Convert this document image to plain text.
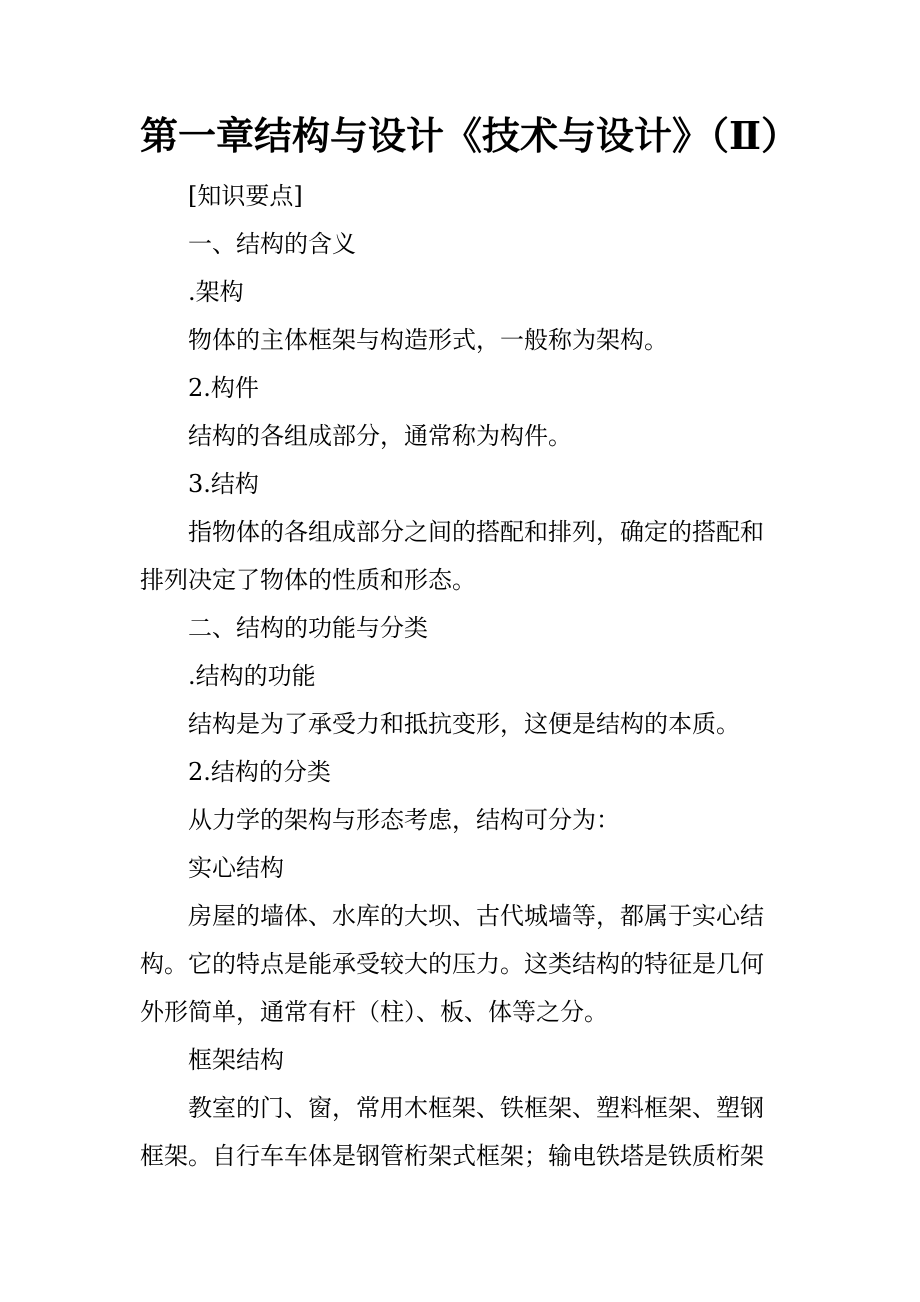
第一章结构与设计《技术与设计》（Ⅱ）

[知识要点]

一、结构的含义

.架构

物体的主体框架与构造形式，一般称为架构。

2.构件

结构的各组成部分，通常称为构件。

3.结构

指物体的各组成部分之间的搭配和排列，确定的搭配和排列决定了物体的性质和形态。

二、结构的功能与分类

.结构的功能

结构是为了承受力和抵抗变形，这便是结构的本质。

2.结构的分类

从力学的架构与形态考虑，结构可分为：

实心结构

房屋的墙体、水库的大坝、古代城墙等，都属于实心结构。它的特点是能承受较大的压力。这类结构的特征是几何外形简单，通常有杆（柱）、板、体等之分。

框架结构

教室的门、窗，常用木框架、铁框架、塑料框架、塑钢框架。自行车车体是钢管桁架式框架；输电铁塔是铁质桁架
